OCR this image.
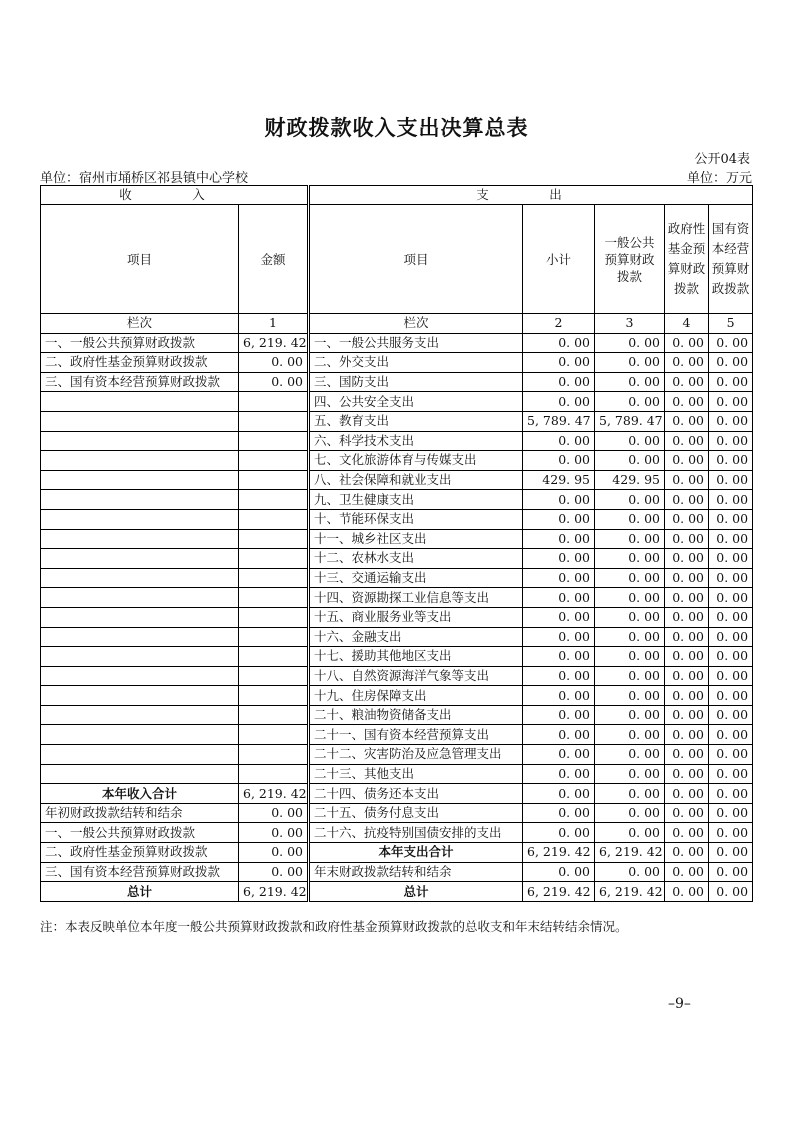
财政拨款收入支出决算总表
公开04表
单位：宿州市埇桥区祁县镇中心学校	单位：万元
收　入		支　出				
项目	金额	项目	小计	一般公共预算财政拨款	政府性基金预算财政拨款	国有资本经营预算财政拨款
栏次	1	栏次	2	3	4	5
一、一般公共预算财政拨款	6, 219. 42	一、一般公共服务支出	0. 00	0. 00	0. 00	0. 00
二、政府性基金预算财政拨款	0. 00	二、外交支出	0. 00	0. 00	0. 00	0. 00
三、国有资本经营预算财政拨款	0. 00	三、国防支出	0. 00	0. 00	0. 00	0. 00
		四、公共安全支出	0. 00	0. 00	0. 00	0. 00
		五、教育支出	5, 789. 47	5, 789. 47	0. 00	0. 00
		六、科学技术支出	0. 00	0. 00	0. 00	0. 00
		七、文化旅游体育与传媒支出	0. 00	0. 00	0. 00	0. 00
		八、社会保障和就业支出	429. 95	429. 95	0. 00	0. 00
		九、卫生健康支出	0. 00	0. 00	0. 00	0. 00
		十、节能环保支出	0. 00	0. 00	0. 00	0. 00
		十一、城乡社区支出	0. 00	0. 00	0. 00	0. 00
		十二、农林水支出	0. 00	0. 00	0. 00	0. 00
		十三、交通运输支出	0. 00	0. 00	0. 00	0. 00
		十四、资源勘探工业信息等支出	0. 00	0. 00	0. 00	0. 00
		十五、商业服务业等支出	0. 00	0. 00	0. 00	0. 00
		十六、金融支出	0. 00	0. 00	0. 00	0. 00
		十七、援助其他地区支出	0. 00	0. 00	0. 00	0. 00
		十八、自然资源海洋气象等支出	0. 00	0. 00	0. 00	0. 00
		十九、住房保障支出	0. 00	0. 00	0. 00	0. 00
		二十、粮油物资储备支出	0. 00	0. 00	0. 00	0. 00
		二十一、国有资本经营预算支出	0. 00	0. 00	0. 00	0. 00
		二十二、灾害防治及应急管理支出	0. 00	0. 00	0. 00	0. 00
		二十三、其他支出	0. 00	0. 00	0. 00	0. 00
本年收入合计	6, 219. 42	二十四、债务还本支出	0. 00	0. 00	0. 00	0. 00
年初财政拨款结转和结余	0. 00	二十五、债务付息支出	0. 00	0. 00	0. 00	0. 00
一、一般公共预算财政拨款	0. 00	二十六、抗疫特别国债安排的支出	0. 00	0. 00	0. 00	0. 00
二、政府性基金预算财政拨款	0. 00	本年支出合计	6, 219. 42	6, 219. 42	0. 00	0. 00
三、国有资本经营预算财政拨款	0. 00	年末财政拨款结转和结余	0. 00	0. 00	0. 00	0. 00
总计	6, 219. 42	总计	6, 219. 42	6, 219. 42	0. 00	0. 00
注：本表反映单位本年度一般公共预算财政拨款和政府性基金预算财政拨款的总收支和年末结转结余情况。
–9–
